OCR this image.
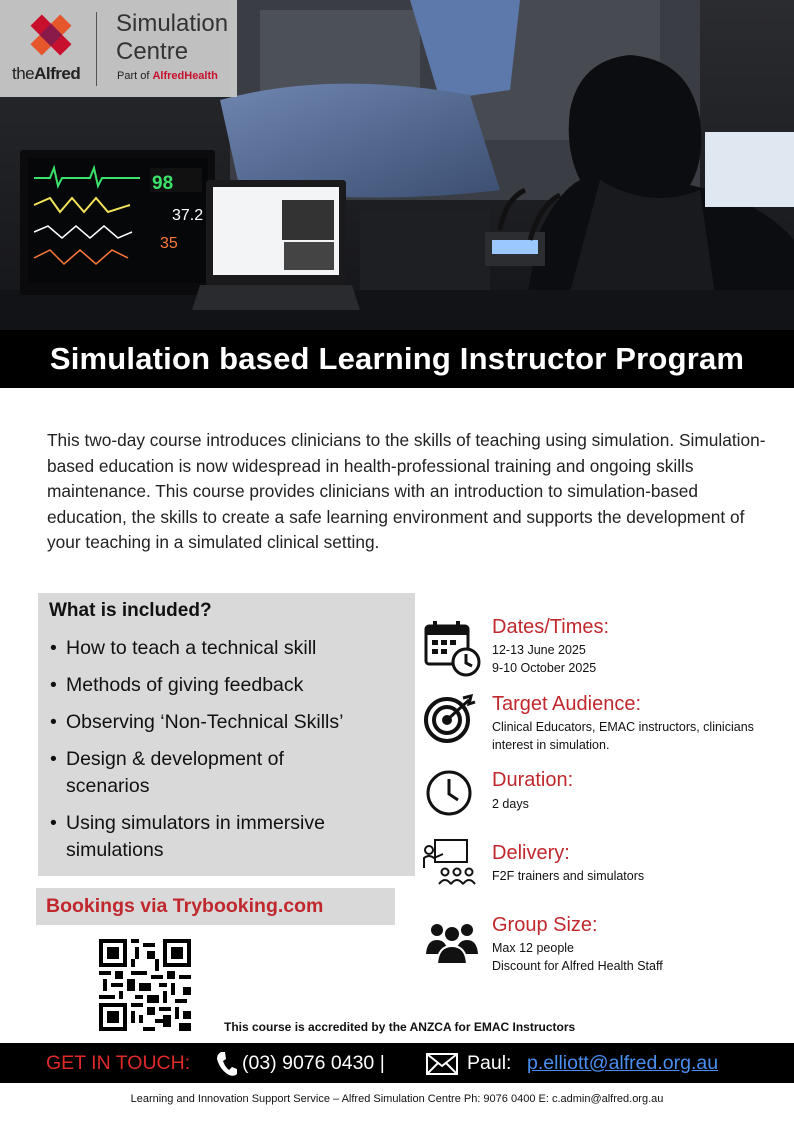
98
37.2
35
theAlfred
Simulation
Centre
Part of AlfredHealth
Simulation based Learning Instructor Program
This two-day course introduces clinicians to the skills of teaching using simulation. Simulation-based education is now widespread in health-professional training and ongoing skills maintenance. This course provides clinicians with an introduction to simulation-based education, the skills to create a safe learning environment and supports the development of your teaching in a simulated clinical setting.
What is included?
• How to teach a technical skill
• Methods of giving feedback
• Observing ‘Non-Technical Skills’
• Design & development of scenarios
• Using simulators in immersive simulations
Bookings via Trybooking.com
This course is accredited by the ANZCA for EMAC Instructors
Dates/Times:
12-13 June 2025
9-10 October 2025
Target Audience:
Clinical Educators, EMAC instructors, clinicians
interest in simulation.
Duration:
2 days
Delivery:
F2F trainers and simulators
Group Size:
Max 12 people
Discount for Alfred Health Staff
GET IN TOUCH:	(03) 9076 0430 |	Paul: p.elliott@alfred.org.au
Learning and Innovation Support Service – Alfred Simulation Centre Ph: 9076 0400 E: c.admin@alfred.org.au
